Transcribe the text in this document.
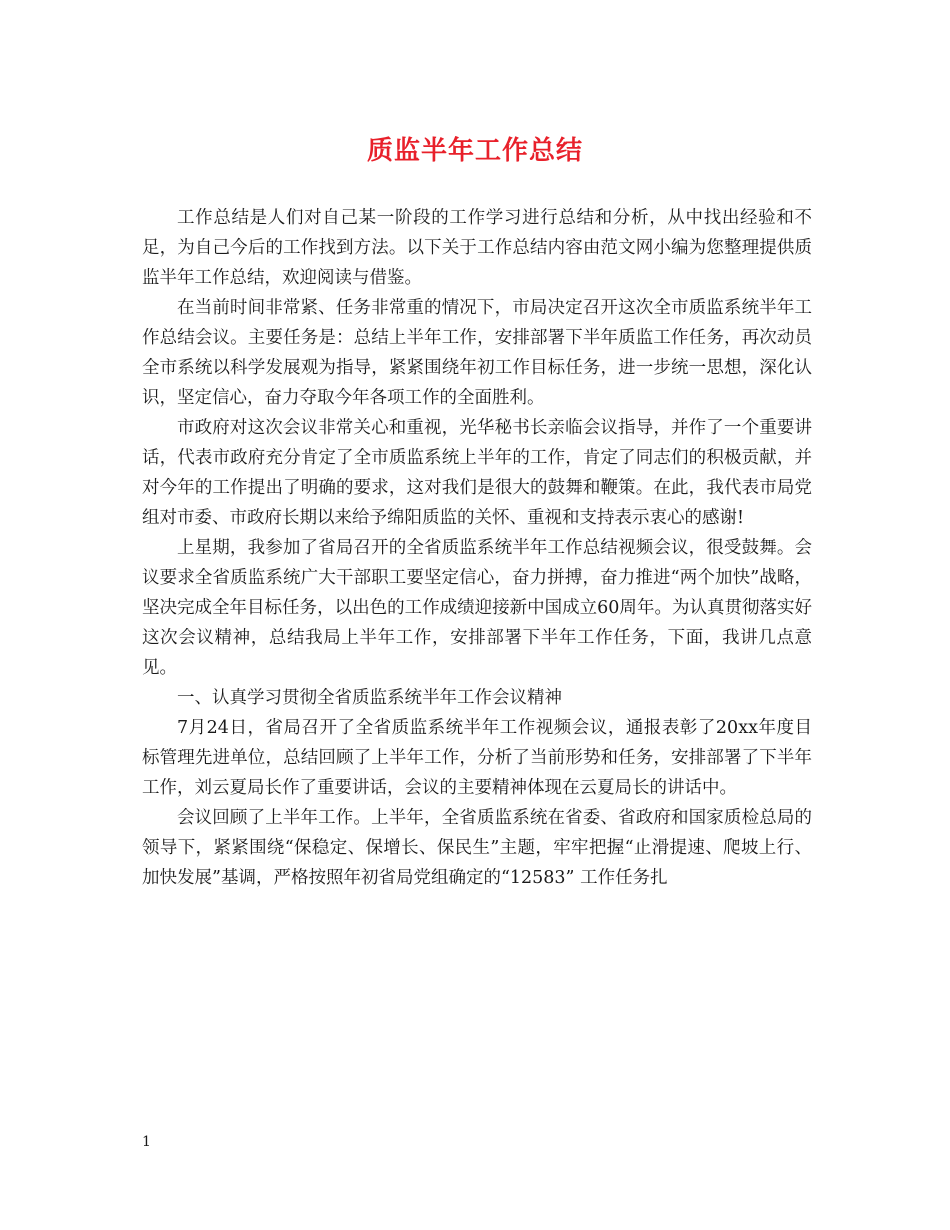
质监半年工作总结

工作总结是人们对自己某一阶段的工作学习进行总结和分析，从中找出经验和不足，为自己今后的工作找到方法。以下关于工作总结内容由范文网小编为您整理提供质监半年工作总结，欢迎阅读与借鉴。

在当前时间非常紧、任务非常重的情况下，市局决定召开这次全市质监系统半年工作总结会议。主要任务是：总结上半年工作，安排部署下半年质监工作任务，再次动员全市系统以科学发展观为指导，紧紧围绕年初工作目标任务，进一步统一思想，深化认识，坚定信心，奋力夺取今年各项工作的全面胜利。

市政府对这次会议非常关心和重视，光华秘书长亲临会议指导，并作了一个重要讲话，代表市政府充分肯定了全市质监系统上半年的工作，肯定了同志们的积极贡献，并对今年的工作提出了明确的要求，这对我们是很大的鼓舞和鞭策。在此，我代表市局党组对市委、市政府长期以来给予绵阳质监的关怀、重视和支持表示衷心的感谢!

上星期，我参加了省局召开的全省质监系统半年工作总结视频会议，很受鼓舞。会议要求全省质监系统广大干部职工要坚定信心，奋力拼搏，奋力推进“两个加快”战略，坚决完成全年目标任务，以出色的工作成绩迎接新中国成立60周年。为认真贯彻落实好这次会议精神，总结我局上半年工作，安排部署下半年工作任务，下面，我讲几点意见。

一、认真学习贯彻全省质监系统半年工作会议精神

7月24日，省局召开了全省质监系统半年工作视频会议，通报表彰了20xx年度目标管理先进单位，总结回顾了上半年工作，分析了当前形势和任务，安排部署了下半年工作，刘云夏局长作了重要讲话，会议的主要精神体现在云夏局长的讲话中。

会议回顾了上半年工作。上半年，全省质监系统在省委、省政府和国家质检总局的领导下，紧紧围绕“保稳定、保增长、保民生”主题，牢牢把握“止滑提速、爬坡上行、加快发展”基调，严格按照年初省局党组确定的“12583” 工作任务扎

1
